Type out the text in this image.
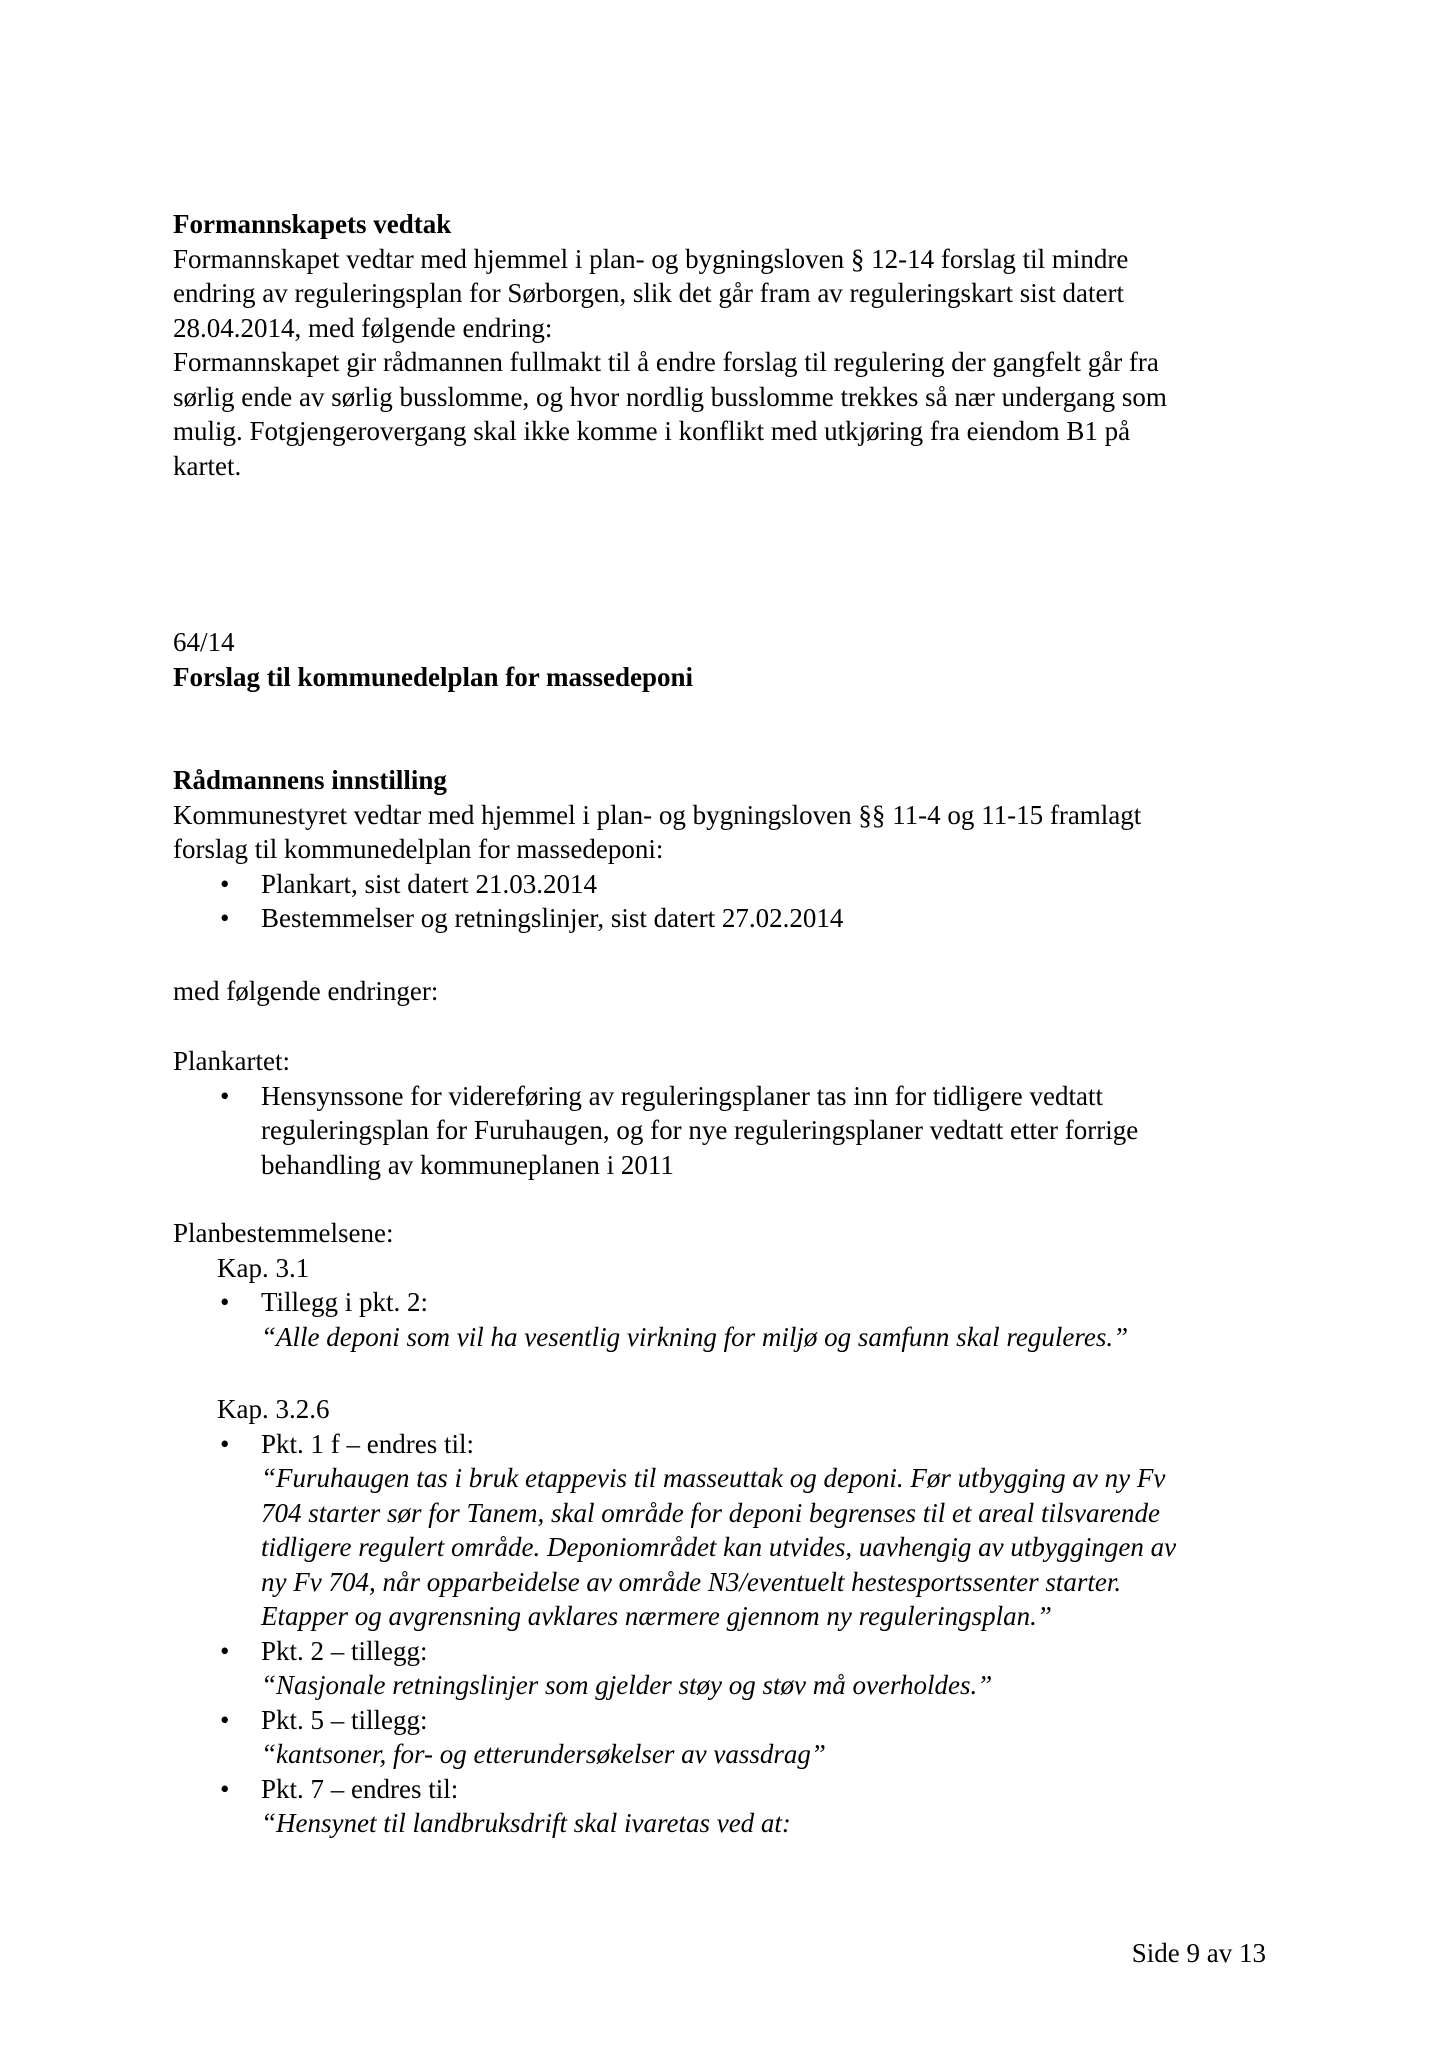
Formannskapets vedtak

Formannskapet vedtar med hjemmel i plan- og bygningsloven § 12-14 forslag til mindre

endring av reguleringsplan for Sørborgen, slik det går fram av reguleringskart sist datert

28.04.2014, med følgende endring:

Formannskapet gir rådmannen fullmakt til å endre forslag til regulering der gangfelt går fra

sørlig ende av sørlig busslomme, og hvor nordlig busslomme trekkes så nær undergang som

mulig. Fotgjengerovergang skal ikke komme i konflikt med utkjøring fra eiendom B1 på

kartet.

64/14

Forslag til kommunedelplan for massedeponi

Rådmannens innstilling

Kommunestyret vedtar med hjemmel i plan- og bygningsloven §§ 11-4 og 11-15 framlagt

forslag til kommunedelplan for massedeponi:

• Plankart, sist datert 21.03.2014
• Bestemmelser og retningslinjer, sist datert 27.02.2014

med følgende endringer:

Plankartet:

• Hensynssone for videreføring av reguleringsplaner tas inn for tidligere vedtatt
reguleringsplan for Furuhaugen, og for nye reguleringsplaner vedtatt etter forrige
behandling av kommuneplanen i 2011

Planbestemmelsene:

Kap. 3.1

• Tillegg i pkt. 2:
“Alle deponi som vil ha vesentlig virkning for miljø og samfunn skal reguleres.”

Kap. 3.2.6

• Pkt. 1 f – endres til:
“Furuhaugen tas i bruk etappevis til masseuttak og deponi. Før utbygging av ny Fv
704 starter sør for Tanem, skal område for deponi begrenses til et areal tilsvarende
tidligere regulert område. Deponiområdet kan utvides, uavhengig av utbyggingen av
ny Fv 704, når opparbeidelse av område N3/eventuelt hestesportssenter starter.
Etapper og avgrensning avklares nærmere gjennom ny reguleringsplan.”
• Pkt. 2 – tillegg:
“Nasjonale retningslinjer som gjelder støy og støv må overholdes.”
• Pkt. 5 – tillegg:
“kantsoner, for- og etterundersøkelser av vassdrag”
• Pkt. 7 – endres til:
“Hensynet til landbruksdrift skal ivaretas ved at:
Side 9 av 13
